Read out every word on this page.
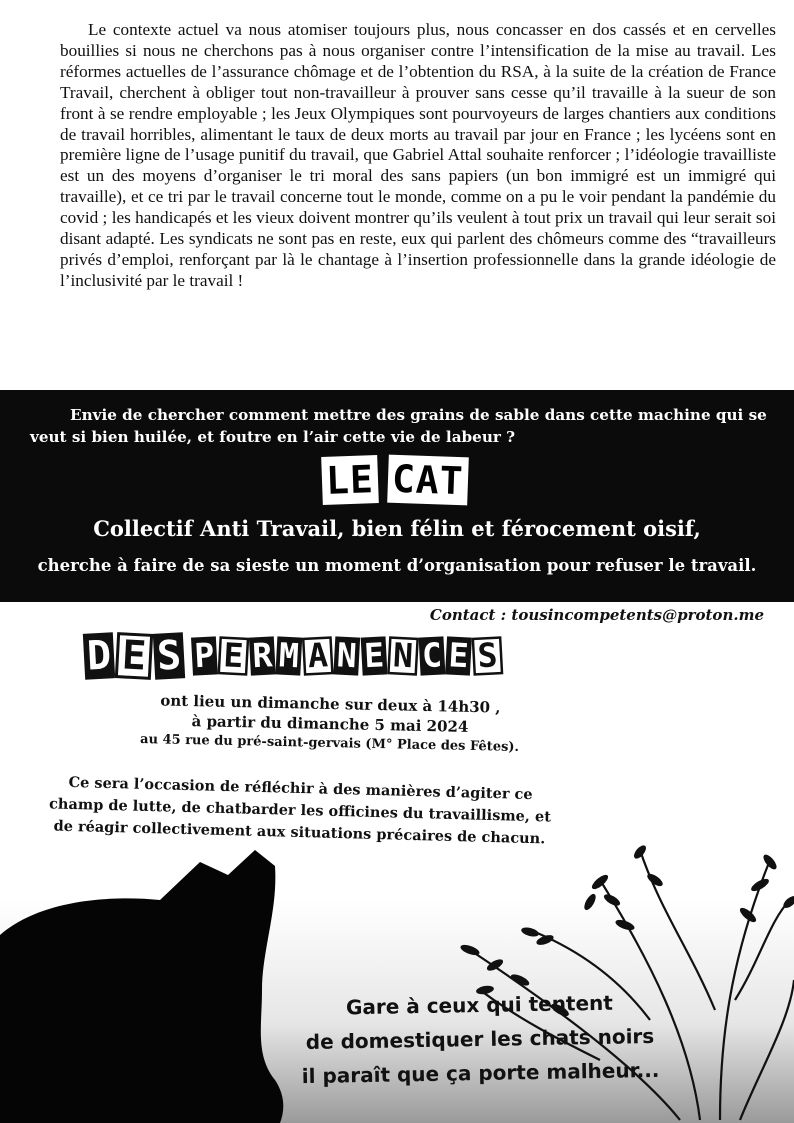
Le contexte actuel va nous atomiser toujours plus, nous concasser en dos cassés et en cervelles bouillies si nous ne cherchons pas à nous organiser contre l’intensification de la mise au travail. Les réformes actuelles de l’assurance chômage et de l’obtention du RSA, à la suite de la création de France Travail, cherchent à obliger tout non-travailleur à prouver sans cesse qu’il travaille à la sueur de son front à se rendre employable ; les Jeux Olympiques sont pourvoyeurs de larges chantiers aux conditions de travail horribles, alimentant le taux de deux morts au travail par jour en France ; les lycéens sont en première ligne de l’usage punitif du travail, que Gabriel Attal souhaite renforcer ; l’idéologie travailliste est un des moyens d’organiser le tri moral des sans papiers (un bon immigré est un immigré qui travaille), et ce tri par le travail concerne tout le monde, comme on a pu le voir pendant la pandémie du covid ; les handicapés et les vieux doivent montrer qu’ils veulent à tout prix un travail qui leur serait soi disant adapté. Les syndicats ne sont pas en reste, eux qui parlent des chômeurs comme des “travailleurs privés d’emploi, renforçant par là le chantage à l’insertion professionnelle dans la grande idéologie de l’inclusivité par le travail !

Envie de chercher comment mettre des grains de sable dans cette machine qui se veut si bien huilée, et foutre en l’air cette vie de labeur ?

LE CAT

Collectif Anti Travail, bien félin et férocement oisif,

cherche à faire de sa sieste un moment d’organisation pour refuser le travail.

Contact : tousincompetents@proton.me

D E S P E R M A N E N C E S
ont lieu un dimanche sur deux à 14h30 ,
à partir du dimanche 5 mai 2024
au 45 rue du pré-saint-gervais (M° Place des Fêtes).

Ce sera l’occasion de réfléchir à des manières d’agiter ce champ de lutte, de chatbarder les officines du travaillisme, et de réagir collectivement aux situations précaires de chacun.

Gare à ceux qui tentent
de domestiquer les chats noirs
il paraît que ça porte malheur...
